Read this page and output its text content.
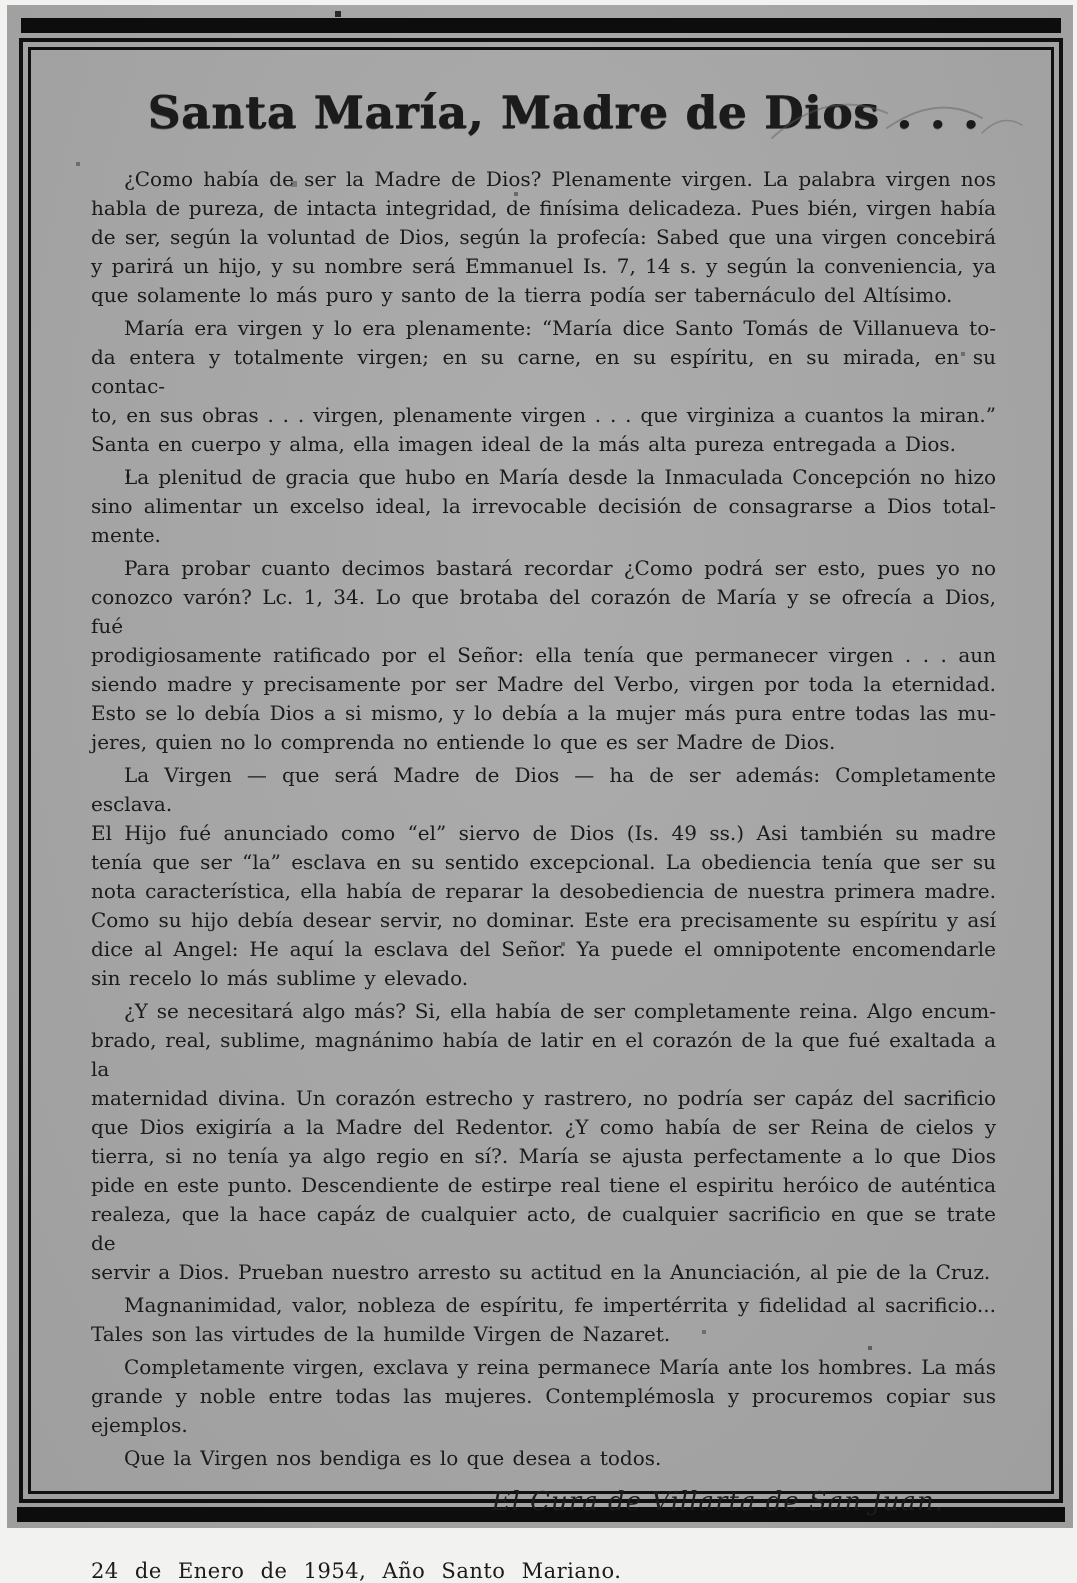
Santa María, Madre de Dios . . .
¿Como había de ser la Madre de Dios? Plenamente virgen. La palabra virgen nos
habla de pureza, de intacta integridad, de finísima delicadeza. Pues bién, virgen había
de ser, según la voluntad de Dios, según la profecía: Sabed que una virgen concebirá
y parirá un hijo, y su nombre será Emmanuel Is. 7, 14 s. y según la conveniencia, ya
que solamente lo más puro y santo de la tierra podía ser tabernáculo del Altísimo.
María era virgen y lo era plenamente: “María dice Santo Tomás de Villanueva to-
da entera y totalmente virgen; en su carne, en su espíritu, en su mirada, en su contac-
to, en sus obras . . . virgen, plenamente virgen . . . que virginiza a cuantos la miran.”
Santa en cuerpo y alma, ella imagen ideal de la más alta pureza entregada a Dios.
La plenitud de gracia que hubo en María desde la Inmaculada Concepción no hizo
sino alimentar un excelso ideal, la irrevocable decisión de consagrarse a Dios total-
mente.
Para probar cuanto decimos bastará recordar ¿Como podrá ser esto, pues yo no
conozco varón? Lc. 1, 34. Lo que brotaba del corazón de María y se ofrecía a Dios, fué
prodigiosamente ratificado por el Señor: ella tenía que permanecer virgen . . . aun
siendo madre y precisamente por ser Madre del Verbo, virgen por toda la eternidad.
Esto se lo debía Dios a si mismo, y lo debía a la mujer más pura entre todas las mu-
jeres, quien no lo comprenda no entiende lo que es ser Madre de Dios.
La Virgen — que será Madre de Dios — ha de ser además: Completamente esclava.
El Hijo fué anunciado como “el” siervo de Dios (Is. 49 ss.) Asi también su madre
tenía que ser “la” esclava en su sentido excepcional. La obediencia tenía que ser su
nota característica, ella había de reparar la desobediencia de nuestra primera madre.
Como su hijo debía desear servir, no dominar. Este era precisamente su espíritu y así
dice al Angel: He aquí la esclava del Señor. Ya puede el omnipotente encomendarle
sin recelo lo más sublime y elevado.
¿Y se necesitará algo más? Si, ella había de ser completamente reina. Algo encum-
brado, real, sublime, magnánimo había de latir en el corazón de la que fué exaltada a la
maternidad divina. Un corazón estrecho y rastrero, no podría ser capáz del sacrificio
que Dios exigiría a la Madre del Redentor. ¿Y como había de ser Reina de cielos y
tierra, si no tenía ya algo regio en sí?. María se ajusta perfectamente a lo que Dios
pide en este punto. Descendiente de estirpe real tiene el espiritu heróico de auténtica
realeza, que la hace capáz de cualquier acto, de cualquier sacrificio en que se trate de
servir a Dios. Prueban nuestro arresto su actitud en la Anunciación, al pie de la Cruz.
Magnanimidad, valor, nobleza de espíritu, fe impertérrita y fidelidad al sacrificio...
Tales son las virtudes de la humilde Virgen de Nazaret.
Completamente virgen, exclava y reina permanece María ante los hombres. La más
grande y noble entre todas las mujeres. Contemplémosla y procuremos copiar sus
ejemplos.
Que la Virgen nos bendiga es lo que desea a todos.
El Cura de Villarta de San Juan.
24 de Enero de 1954, Año Santo Mariano.
